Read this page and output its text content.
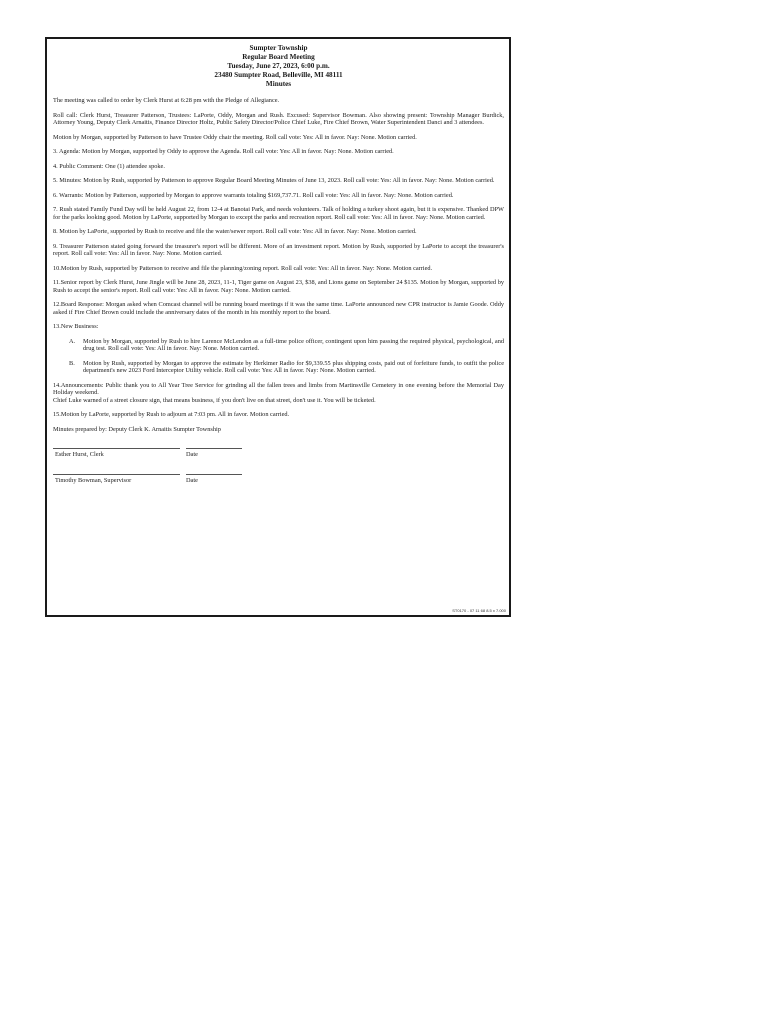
Sumpter Township
Regular Board Meeting
Tuesday, June 27, 2023, 6:00 p.m.
23480 Sumpter Road, Belleville, MI 48111
Minutes

The meeting was called to order by Clerk Hurst at 6:28 pm with the Pledge of Allegiance.

Roll call: Clerk Hurst, Treasurer Patterson, Trustees: LaPorte, Oddy, Morgan and Rush. Excused: Supervisor Bowman. Also showing present: Township Manager Burdick, Attorney Young, Deputy Clerk Arnaitis, Finance Director Holtz, Public Safety Director/Police Chief Luke, Fire Chief Brown, Water Superintendent Danci and 3 attendees.

Motion by Morgan, supported by Patterson to have Trustee Oddy chair the meeting. Roll call vote: Yes: All in favor. Nay: None. Motion carried.

3. Agenda: Motion by Morgan, supported by Oddy to approve the Agenda. Roll call vote: Yes: All in favor. Nay: None. Motion carried.

4. Public Comment: One (1) attendee spoke.

5. Minutes: Motion by Rush, supported by Patterson to approve Regular Board Meeting Minutes of June 13, 2023. Roll call vote: Yes: All in favor. Nay: None. Motion carried.

6. Warrants: Motion by Patterson, supported by Morgan to approve warrants totaling $169,737.71. Roll call vote: Yes: All in favor. Nay: None. Motion carried.

7. Rush stated Family Fund Day will be held August 22, from 12-4 at Banotai Park, and needs volunteers. Talk of holding a turkey shoot again, but it is expensive. Thanked DPW for the parks looking good. Motion by LaPorte, supported by Morgan to except the parks and recreation report. Roll call vote: Yes: All in favor. Nay: None. Motion carried.

8. Motion by LaPorte, supported by Rush to receive and file the water/sewer report. Roll call vote: Yes: All in favor. Nay: None. Motion carried.

9. Treasurer Patterson stated going forward the treasurer's report will be different. More of an investment report. Motion by Rush, supported by LaPorte to accept the treasurer's report. Roll call vote: Yes: All in favor. Nay: None. Motion carried.

10.Motion by Rush, supported by Patterson to receive and file the planning/zoning report. Roll call vote: Yes: All in favor. Nay: None. Motion carried.

11.Senior report by Clerk Hurst, June Jingle will be June 28, 2023, 11-1, Tiger game on August 23, $38, and Lions game on September 24 $135. Motion by Morgan, supported by Rush to accept the senior's report. Roll call vote: Yes: All in favor. Nay: None. Motion carried.

12.Board Response: Morgan asked when Comcast channel will be running board meetings if it was the same time. LaPorte announced new CPR instructor is Jamie Goode. Oddy asked if Fire Chief Brown could include the anniversary dates of the month in his monthly report to the board.

13.New Business:

A.	Motion by Morgan, supported by Rush to hire Larence McLendon as a full-time police officer, contingent upon him passing the required physical, psychological, and drug test. Roll call vote: Yes: All in favor. Nay: None. Motion carried.
B.	Motion by Rush, supported by Morgan to approve the estimate by Herkimer Radio for $9,339.55 plus shipping costs, paid out of forfeiture funds, to outfit the police department's new 2023 Ford Interceptor Utility vehicle. Roll call vote: Yes: All in favor. Nay: None. Motion carried.

14.Announcements: Public thank you to All Year Tree Service for grinding all the fallen trees and limbs from Martinsville Cemetery in one evening before the Memorial Day Holiday weekend.
Chief Luke warned of a street closure sign, that means business, if you don't live on that street, don't use it. You will be ticketed.

15.Motion by LaPorte, supported by Rush to adjourn at 7:03 pm. All in favor. Motion carried.

Minutes prepared by: Deputy Clerk K. Arnaitis Sumpter Township

Esther Hurst, Clerk	Date
Timothy Bowman, Supervisor	Date
ST0170 - 07 11 68 8.5 x 7.000
